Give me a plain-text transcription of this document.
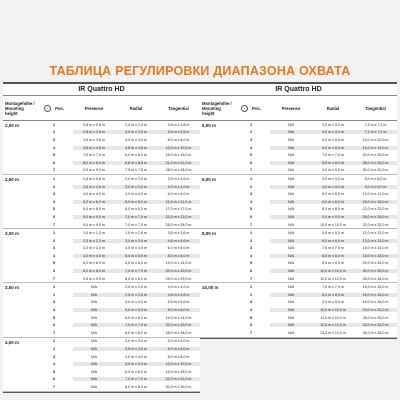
ТАБЛИЦА РЕГУЛИРОВКИ ДИАПАЗОНА ОХВАТА
IR Quattro HD
Montagehöhe / Mounting height
Pos.	Presence	Radial	Tangential
2,00 m	1	0,8 m x 0,8 m	2,4 m x 2,4 m	3,8 m x 3,8 m
2	2,8 m x 2,8 m	3,0 m x 3,0 m	5,5 m x 5,5 m
3	3,6 m x 3,6 m	4,0 m x 4,0 m	8,0 m x 8,0 m
4	4,8 m x 4,8 m	4,8 m x 4,8 m	10,0 m x 10,0 m
5	7,0 m x 7,0 m	6,0 m x 6,0 m	15,0 m x 15,0 m
6	8,0 m x 8,0 m	6,8 m x 6,8 m	21,0 m x 21,0 m
7	9,0 m x 9,0 m	7,5 m x 7,5 m	28,0 m x 28,0 m
2,50 m	1	0,8 m x 0,8 m	2,0 m x 2,0 m	3,5 m x 3,5 m
2	2,6 m x 2,6 m	3,0 m x 3,0 m	4,0 m x 4,0 m
3	4,0 m x 4,0 m	4,0 m x 4,0 m	6,0 m x 6,0 m
4	6,0 m x 6,0 m	5,0 m x 5,0 m	11,0 m x 11,0 m
5	8,0 m x 8,0 m	6,0 m x 6,0 m	17,0 m x 17,0 m
6	9,0 m x 9,0 m	7,0 m x 7,0 m	23,0 m x 23,0 m
7	9,0 m x 9,0 m	7,0 m x 7,0 m	28,0 m x 28,0 m
3,00 m	1	1,0 m x 1,0 m	1,6 m x 1,6 m	3,6 m x 3,6 m
2	2,3 m x 2,3 m	3,0 m x 3,0 m	4,6 m x 4,6 m
3	3,0 m x 3,0 m	4,0 m x 4,0 m	6,0 m x 6,0 m
4	4,0 m x 4,0 m	5,0 m x 5,0 m	8,0 m x 8,0 m
5	6,0 m x 6,0 m	6,0 m x 6,0 m	14,0 m x 14,0 m
6	8,0 m x 8,0 m	7,0 m x 7,0 m	20,0 m x 20,0 m
7	9,5 m x 9,5 m	8,0 m x 8,0 m	29,0 m x 29,0 m
3,50 m	1	N/A	2,0 m x 2,0 m	4,0 m x 4,0 m
2	N/A	2,5 m x 2,5 m	4,8 m x 4,8 m
3	N/A	4,0 m x 4,0 m	5,6 m x 5,6 m
4	N/A	5,0 m x 5,0 m	8,0 m x 8,0 m
5	N/A	6,0 m x 6,0 m	14,0 m x 14,0 m
6	N/A	7,0 m x 7,0 m	20,0 m x 20,0 m
7	N/A	8,0 m x 8,0 m	28,0 m x 28,0 m
4,00 m	1	N/A	3,0 m x 3,0 m	5,0 m x 5,0 m
2	N/A	3,5 m x 3,5 m	6,0 m x 6,0 m
3	N/A	4,0 m x 4,0 m	8,0 m x 8,0 m
4	N/A	5,0 m x 5,0 m	10,0 m x 10,0 m
5	N/A	6,0 m x 6,0 m	15,0 m x 15,0 m
6	N/A	7,0 m x 7,0 m	22,0 m x 22,0 m
7	N/A	8,0 m x 8,0 m	30,0 m x 30,0 m
IR Quattro HD
Montagehöhe / Mounting height
Pos.	Presence	Radial	Tangential
5,00 m	1	N/A	3,0 m x 3,0 m	7,2 m x 7,2 m
2	N/A	4,0 m x 4,0 m	7,2 m x 7,2 m
3	N/A	5,0 m x 5,0 m	10,0 m x 10,0 m
4	N/A	6,0 m x 6,0 m	14,0 m x 14,0 m
5	N/A	7,0 m x 7,0 m	20,0 m x 20,0 m
6	N/A	8,0 m x 8,0 m	26,0 m x 26,0 m
7	N/A	9,0 m x 9,0 m	30,0 m x 30,0 m
6,00 m	1	N/A	3,0 m x 3,0 m	8,0 m x 8,0 m
2	N/A	4,0 m x 4,0 m	9,0 m x 9,0 m
3	N/A	5,0 m x 5,0 m	12,0 m x 12,0 m
4	N/A	6,0 m x 6,0 m	16,0 m x 16,0 m
5	N/A	8,0 m x 8,0 m	22,0 m x 22,0 m
6	N/A	9,0 m x 9,0 m	28,0 m x 28,0 m
7	N/A	10,0 m x 10,0 m	32,0 m x 32,0 m
8,00 m	1	N/A	5,0 m x 5,0 m	12,0 m x 12,0 m
2	N/A	6,0 m x 6,0 m	13,0 m x 13,0 m
3	N/A	7,0 m x 7,0 m	15,0 m x 15,0 m
4	N/A	8,0 m x 8,0 m	18,0 m x 18,0 m
5	N/A	9,0 m x 9,0 m	24,0 m x 24,0 m
6	N/A	10,0 m x 10,0 m	30,0 m x 30,0 m
7	N/A	12,0 m x 12,0 m	34,0 m x 34,0 m
10,00 m	1	N/A	7,0 m x 7,0 m	15,0 m x 15,0 m
2	N/A	8,0 m x 8,0 m	16,0 m x 16,0 m
3	N/A	9,0 m x 9,0 m	18,0 m x 18,0 m
4	N/A	10,0 m x 10,0 m	20,0 m x 20,0 m
5	N/A	11,0 m x 11,0 m	26,0 m x 26,0 m
6	N/A	12,0 m x 12,0 m	32,0 m x 32,0 m
7	N/A	13,0 m x 13,0 m	36,0 m x 36,0 m
